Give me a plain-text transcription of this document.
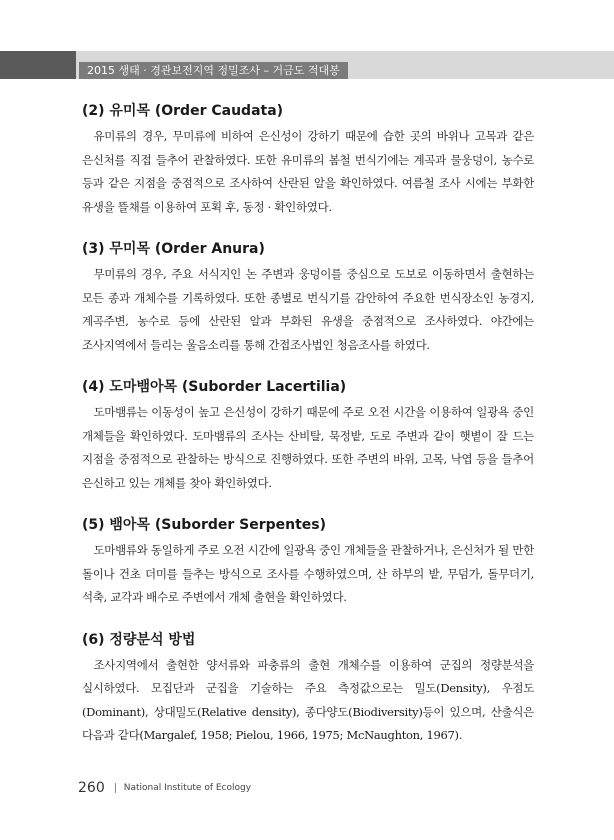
2015 생태 · 경관보전지역 정밀조사 – 거금도 적대봉
(2) 유미목 (Order Caudata)

유미류의 경우, 무미류에 비하여 은신성이 강하기 때문에 습한 곳의 바위나 고목과 같은 은신처를 직접 들추어 관찰하였다. 또한 유미류의 봄철 번식기에는 계곡과 물웅덩이, 농수로 등과 같은 지점을 중점적으로 조사하여 산란된 알을 확인하였다. 여름철 조사 시에는 부화한 유생을 뜰채를 이용하여 포획 후, 동정 · 확인하였다.

(3) 무미목 (Order Anura)

무미류의 경우, 주요 서식지인 논 주변과 웅덩이를 중심으로 도보로 이동하면서 출현하는 모든 종과 개체수를 기록하였다. 또한 종별로 번식기를 감안하여 주요한 번식장소인 농경지, 계곡주변, 농수로 등에 산란된 알과 부화된 유생을 중점적으로 조사하였다. 야간에는 조사지역에서 들리는 울음소리를 통해 간접조사법인 청음조사를 하였다.

(4) 도마뱀아목 (Suborder Lacertilia)

도마뱀류는 이동성이 높고 은신성이 강하기 때문에 주로 오전 시간을 이용하여 일광욕 중인 개체들을 확인하였다. 도마뱀류의 조사는 산비탈, 묵정밭, 도로 주변과 같이 햇볕이 잘 드는 지점을 중점적으로 관찰하는 방식으로 진행하였다. 또한 주변의 바위, 고목, 낙엽 등을 들추어 은신하고 있는 개체를 찾아 확인하였다.

(5) 뱀아목 (Suborder Serpentes)

도마뱀류와 동일하게 주로 오전 시간에 일광욕 중인 개체들을 관찰하거나, 은신처가 될 만한 돌이나 건초 더미를 들추는 방식으로 조사를 수행하였으며, 산 하부의 밭, 무덤가, 돌무더기, 석축, 교각과 배수로 주변에서 개체 출현을 확인하였다.

(6) 정량분석 방법

조사지역에서 출현한 양서류와 파충류의 출현 개체수를 이용하여 군집의 정량분석을 실시하였다. 모집단과 군집을 기술하는 주요 측정값으로는 밀도(Density), 우점도(Dominant), 상대밀도(Relative density), 종다양도(Biodiversity)등이 있으며, 산출식은 다음과 같다(Margalef, 1958; Pielou, 1966, 1975; McNaughton, 1967).

260 National Institute of Ecology
